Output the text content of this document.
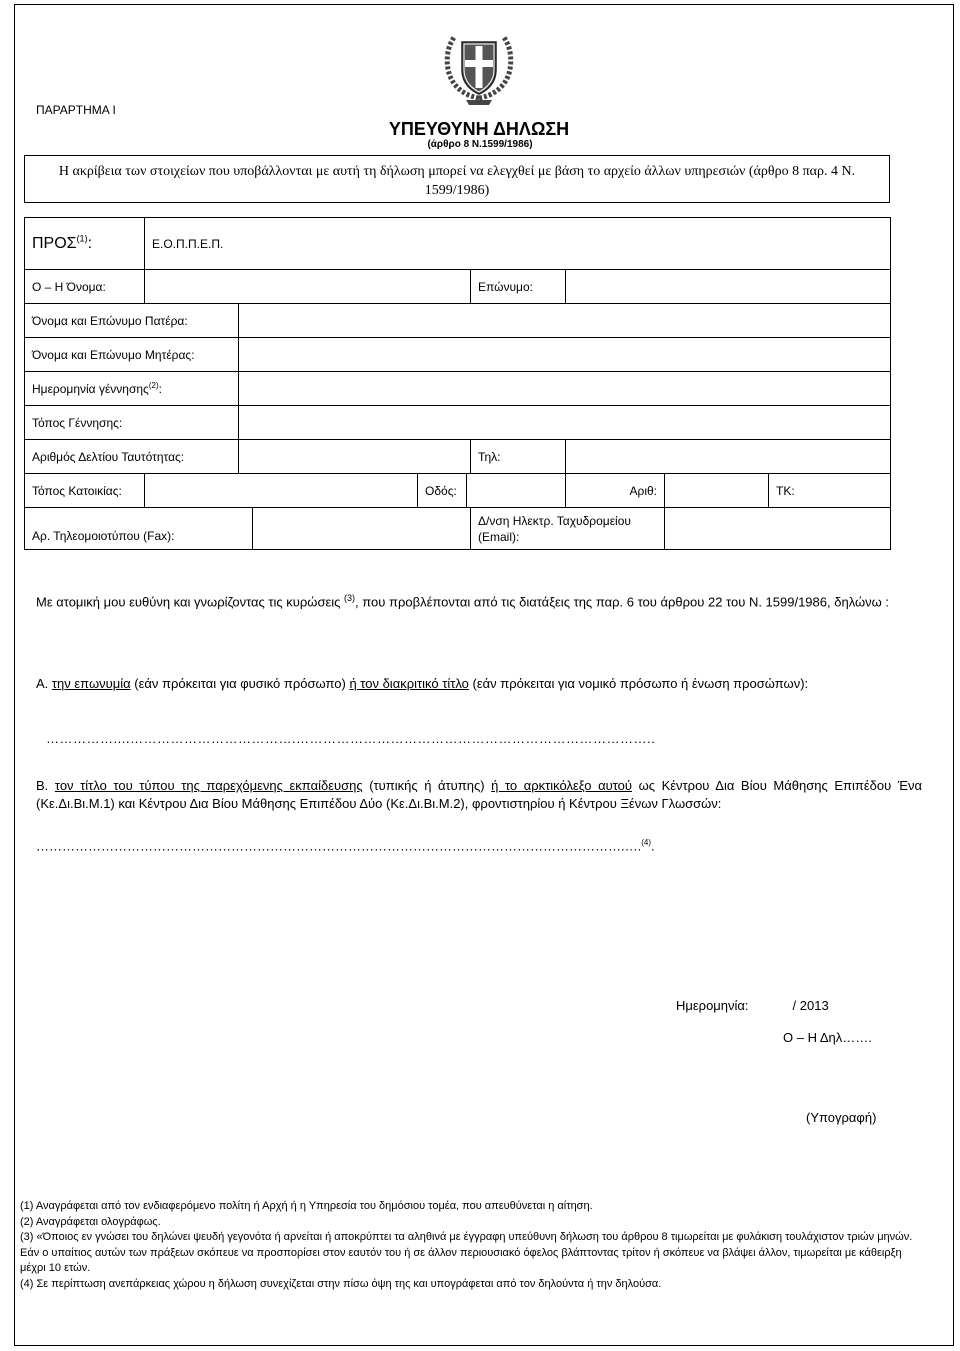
ΠΑΡΑΡΤΗΜΑ Ι
ΥΠΕΥΘΥΝΗ ΔΗΛΩΣΗ
(άρθρο 8 Ν.1599/1986)
Η ακρίβεια των στοιχείων που υποβάλλονται με αυτή τη δήλωση μπορεί να ελεγχθεί με βάση το αρχείο άλλων υπηρεσιών (άρθρο 8 παρ. 4 Ν. 1599/1986)
ΠΡΟΣ$^{(1)}$:	Ε.Ο.Π.Π.Ε.Π.								
Ο – Η Όνομα:						Επώνυμο:			
Όνομα και Επώνυμο Πατέρα:									
Όνομα και Επώνυμο Μητέρας:									
Ημερομηνία γέννησης$^{(2)}$:									
Τόπος Γέννησης:									
Αριθμός Δελτίου Ταυτότητας:						Τηλ:			
Τόπος Κατοικίας:				Οδός:			Αριθ:		ΤΚ:
Αρ. Τηλεομοιοτύπου (Fax):						Δ/νση Ηλεκτρ. Ταχυδρομείου
(Email):			

Με ατομική μου ευθύνη και γνωρίζοντας τις κυρώσεις $^{(3)}$, που προβλέπονται από τις διατάξεις της παρ. 6 του άρθρου 22 του Ν. 1599/1986, δηλώνω :
Α. την επωνυμία (εάν πρόκειται για φυσικό πρόσωπο) ή τον διακριτικό τίτλο (εάν πρόκειται για νομικό πρόσωπο ή ένωση προσώπων):
……………....……………………………….……………………………………………………………………..
Β. τον τίτλο του τύπου της παρεχόμενης εκπαίδευσης (τυπικής ή άτυπης) ή το αρκτικόλεξο αυτού ως Κέντρου Δια Βίου Μάθησης Επιπέδου Ένα (Κε.Δι.Βι.Μ.1) και Κέντρου Δια Βίου Μάθησης Επιπέδου Δύο (Κε.Δι.Βι.Μ.2), φροντιστηρίου ή Κέντρου Ξένων Γλωσσών:
……………………………………………………………………………………………………………………….….$^{(4)}$.
Ημερομηνία:	/ 2013
Ο – Η Δηλ…….
(Υπογραφή)

(1) Αναγράφεται από τον ενδιαφερόμενο πολίτη ή Αρχή ή η Υπηρεσία του δημόσιου τομέα, που απευθύνεται η αίτηση.

(2) Αναγράφεται ολογράφως.

(3) «Όποιος εν γνώσει του δηλώνει ψευδή γεγονότα ή αρνείται ή αποκρύπτει τα αληθινά με έγγραφη υπεύθυνη δήλωση του άρθρου 8 τιμωρείται με φυλάκιση τουλάχιστον τριών μηνών. Εάν ο υπαίτιος αυτών των πράξεων σκόπευε να προσπορίσει στον εαυτόν του ή σε άλλον περιουσιακό όφελος βλάπτοντας τρίτον ή σκόπευε να βλάψει άλλον, τιμωρείται με κάθειρξη μέχρι 10 ετών.

(4) Σε περίπτωση ανεπάρκειας χώρου η δήλωση συνεχίζεται στην πίσω όψη της και υπογράφεται από τον δηλούντα ή την δηλούσα.
